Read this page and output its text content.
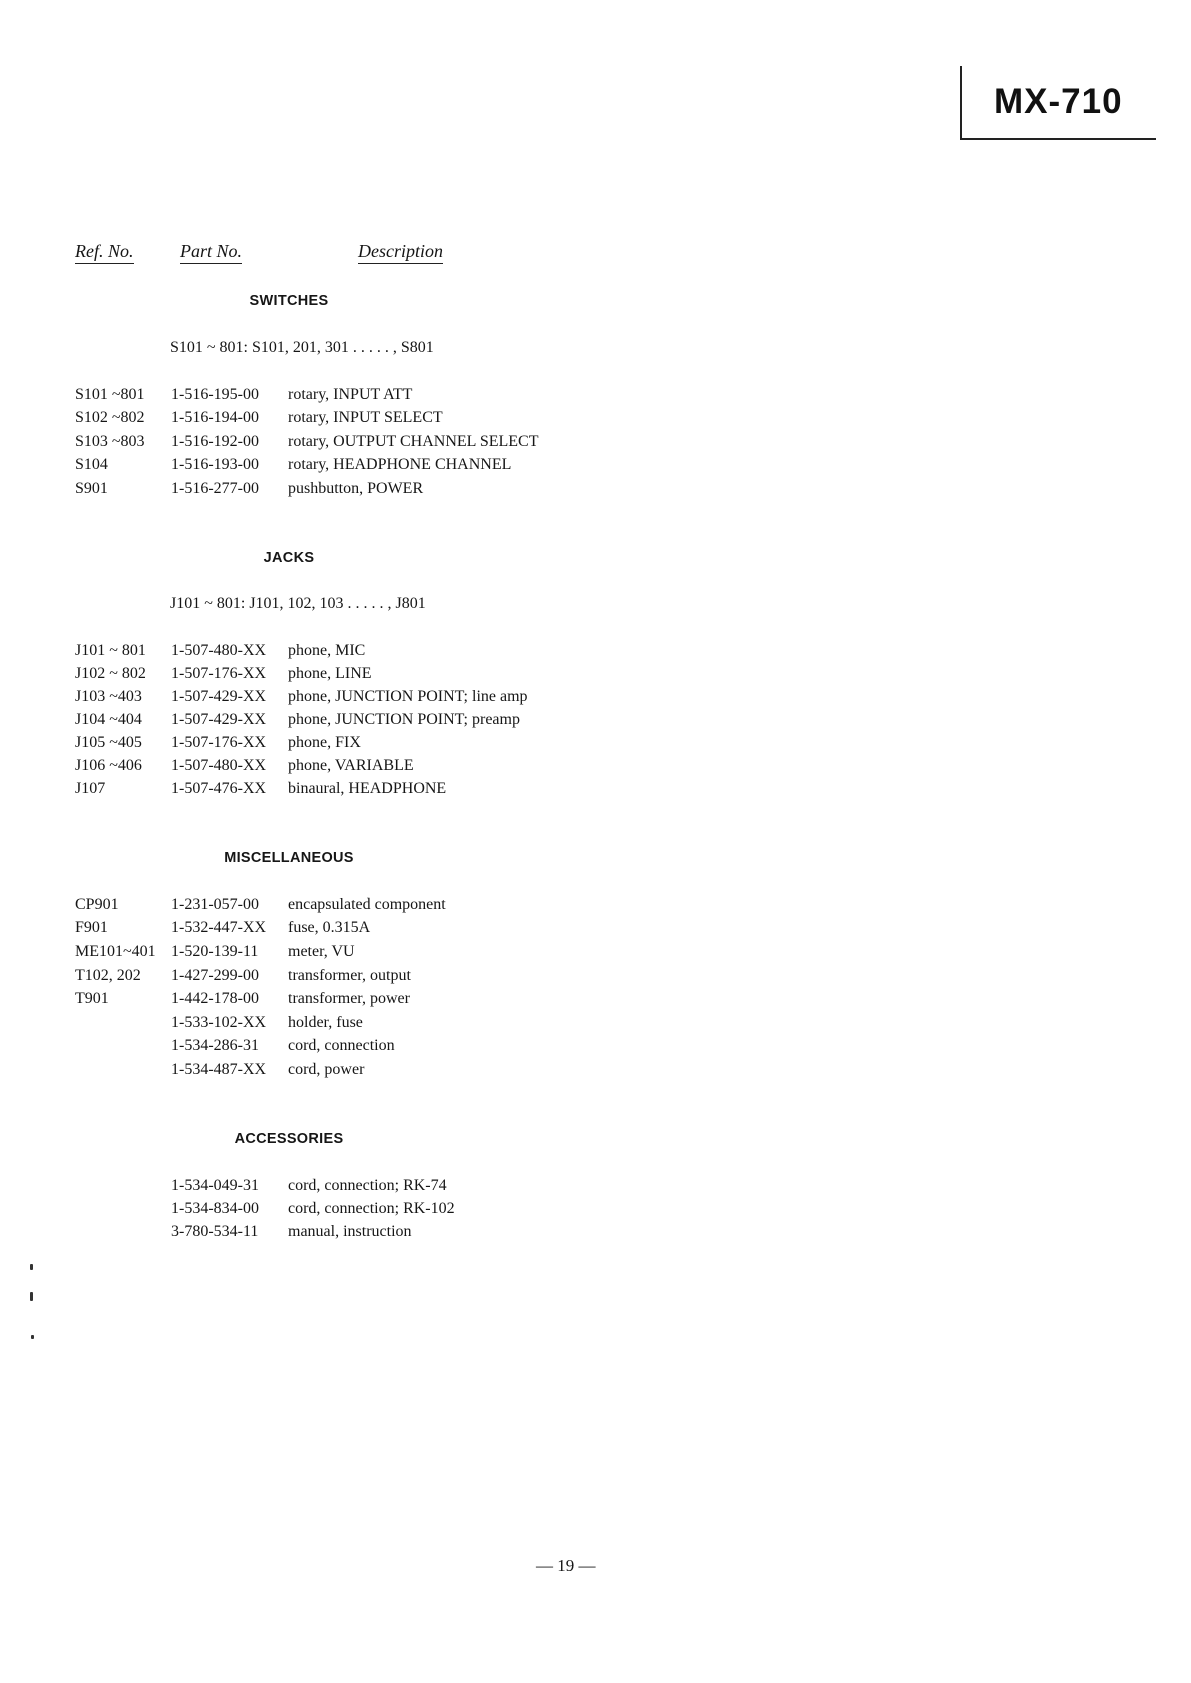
MX-710
Ref. No.	Part No.	Description
SWITCHES
S101 ~ 801: S101, 201, 301 . . . . . , S801
S101 ~801 1-516-195-00 rotary, INPUT ATT
S102 ~802 1-516-194-00 rotary, INPUT SELECT
S103 ~803 1-516-192-00 rotary, OUTPUT CHANNEL SELECT
S104	1-516-193-00 rotary, HEADPHONE CHANNEL
S901	1-516-277-00 pushbutton, POWER
JACKS
J101 ~ 801: J101, 102, 103 . . . . . , J801
J101 ~ 801 1-507-480-XX phone, MIC
J102 ~ 802 1-507-176-XX phone, LINE
J103 ~403 1-507-429-XX phone, JUNCTION POINT; line amp
J104 ~404 1-507-429-XX phone, JUNCTION POINT; preamp
J105 ~405 1-507-176-XX phone, FIX
J106 ~406 1-507-480-XX phone, VARIABLE
J107	1-507-476-XX binaural, HEADPHONE
MISCELLANEOUS
CP901	1-231-057-00 encapsulated component
F901	1-532-447-XX fuse, 0.315A
ME101~401 1-520-139-11 meter, VU
T102, 202 1-427-299-00 transformer, output
T901	1-442-178-00 transformer, power
1-533-102-XX holder, fuse
1-534-286-31 cord, connection
1-534-487-XX cord, power
ACCESSORIES
1-534-049-31 cord, connection; RK-74
1-534-834-00 cord, connection; RK-102
3-780-534-11 manual, instruction
— 19 —
